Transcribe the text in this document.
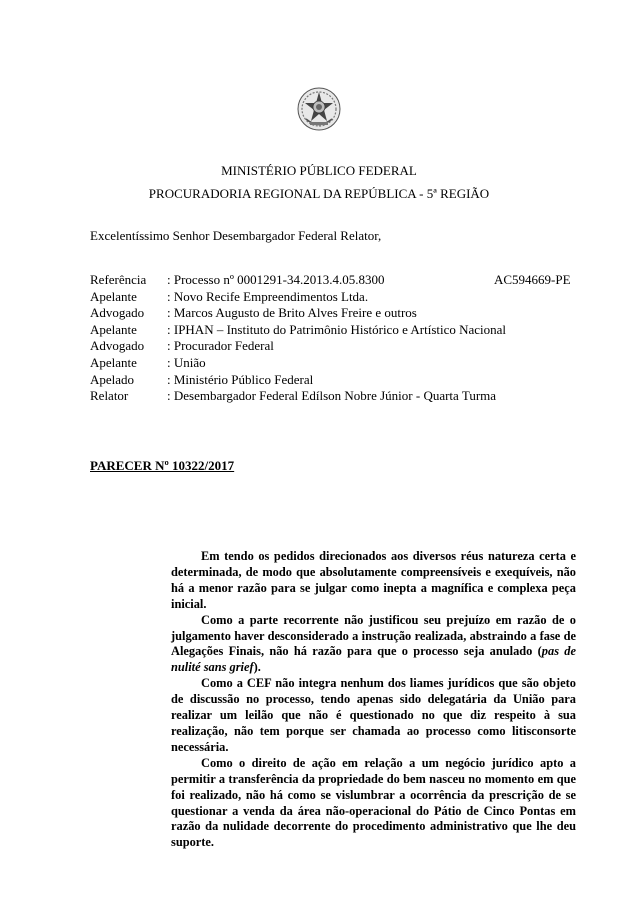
MINISTÉRIO PÚBLICO FEDERAL
PROCURADORIA REGIONAL DA REPÚBLICA - 5ª REGIÃO
Excelentíssimo Senhor Desembargador Federal Relator,
Referência	: Processo nº 0001291-34.2013.4.05.8300	AC594669-PE
Apelante	: Novo Recife Empreendimentos Ltda.
Advogado	: Marcos Augusto de Brito Alves Freire e outros
Apelante	: IPHAN – Instituto do Patrimônio Histórico e Artístico Nacional
Advogado	: Procurador Federal
Apelante	: União
Apelado	: Ministério Público Federal
Relator	: Desembargador Federal Edílson Nobre Júnior - Quarta Turma
PARECER Nº 10322/2017

Em tendo os pedidos direcionados aos diversos réus natureza certa e determinada, de modo que absolutamente compreensíveis e exequíveis, não há a menor razão para se julgar como inepta a magnífica e complexa peça inicial.

Como a parte recorrente não justificou seu prejuízo em razão de o julgamento haver desconsiderado a instrução realizada, abstraindo a fase de Alegações Finais, não há razão para que o processo seja anulado (pas de nulité sans grief).

Como a CEF não integra nenhum dos liames jurídicos que são objeto de discussão no processo, tendo apenas sido delegatária da União para realizar um leilão que não é questionado no que diz respeito à sua realização, não tem porque ser chamada ao processo como litisconsorte necessária.

Como o direito de ação em relação a um negócio jurídico apto a permitir a transferência da propriedade do bem nasceu no momento em que foi realizado, não há como se vislumbrar a ocorrência da prescrição de se questionar a venda da área não-operacional do Pátio de Cinco Pontas em razão da nulidade decorrente do procedimento administrativo que lhe deu suporte.
